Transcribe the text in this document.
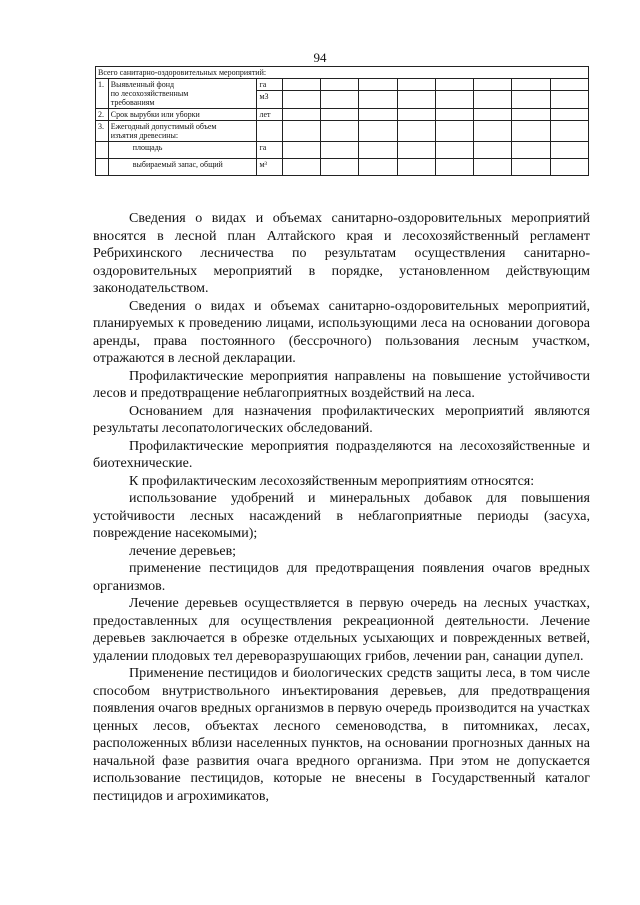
94
Всего санитарно-оздоровительных мероприятий:										
1.	Выявленный фонд
по лесохозяйственным
требованиям	га								
		м3								
2.	Срок вырубки или уборки	лет								
3.	Ежегодный допустимый объем
изъятия древесины:									

	площадь	га								
	выбираемый запас, общий	м³								

Сведения о видах и объемах санитарно-оздоровительных мероприятий вносятся в лесной план Алтайского края и лесохозяйственный регламент Ребрихинского лесничества по результатам осуществления санитарно-оздоровительных мероприятий в порядке, установленном действующим законодательством.

Сведения о видах и объемах санитарно-оздоровительных мероприятий, планируемых к проведению лицами, использующими леса на основании договора аренды, права постоянного (бессрочного) пользования лесным участком, отражаются в лесной декларации.

Профилактические мероприятия направлены на повышение устойчивости лесов и предотвращение неблагоприятных воздействий на леса.

Основанием для назначения профилактических мероприятий являются результаты лесопатологических обследований.

Профилактические мероприятия подразделяются на лесохозяйственные и биотехнические.

К профилактическим лесохозяйственным мероприятиям относятся:

использование удобрений и минеральных добавок для повышения устойчивости лесных насаждений в неблагоприятные периоды (засуха, повреждение насекомыми);

лечение деревьев;

применение пестицидов для предотвращения появления очагов вредных организмов.

Лечение деревьев осуществляется в первую очередь на лесных участках, предоставленных для осуществления рекреационной деятельности. Лечение деревьев заключается в обрезке отдельных усыхающих и поврежденных ветвей, удалении плодовых тел дереворазрушающих грибов, лечении ран, санации дупел.

Применение пестицидов и биологических средств защиты леса, в том числе способом внутриствольного инъектирования деревьев, для предотвращения появления очагов вредных организмов в первую очередь производится на участках ценных лесов, объектах лесного семеноводства, в питомниках, лесах, расположенных вблизи населенных пунктов, на основании прогнозных данных на начальной фазе развития очага вредного организма. При этом не допускается использование пестицидов, которые не внесены в Государственный каталог пестицидов и агрохимикатов,
